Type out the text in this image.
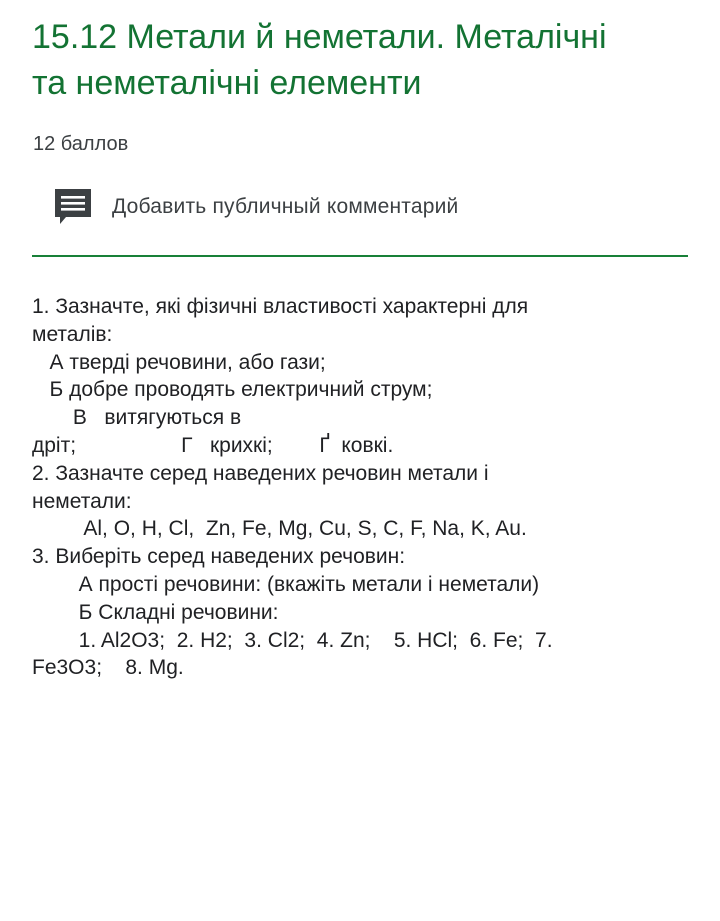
15.12 Метали й неметали. Металічні
та неметалічні елементи
12 баллов
Добавить публичный комментарий
1. Зазначте, які фізичні властивості характерні для
металів:
А тверді речовини, або гази;
Б добре проводять електричний струм;
В   витягуються в
дріт;                  Г   крихкі;        Ґ  ковкі.
2. Зазначте серед наведених речовин метали і
неметали:
Al, O, H, Cl,  Zn, Fe, Mg, Cu, S, C, F, Na, K, Au.
3. Виберіть серед наведених речовин:
А прості речовини: (вкажіть метали і неметали)
Б Складні речовини:
1. Al2O3;  2. H2;  3. Cl2;  4. Zn;    5. HCl;  6. Fe;  7.
Fe3O3;    8. Mg.
